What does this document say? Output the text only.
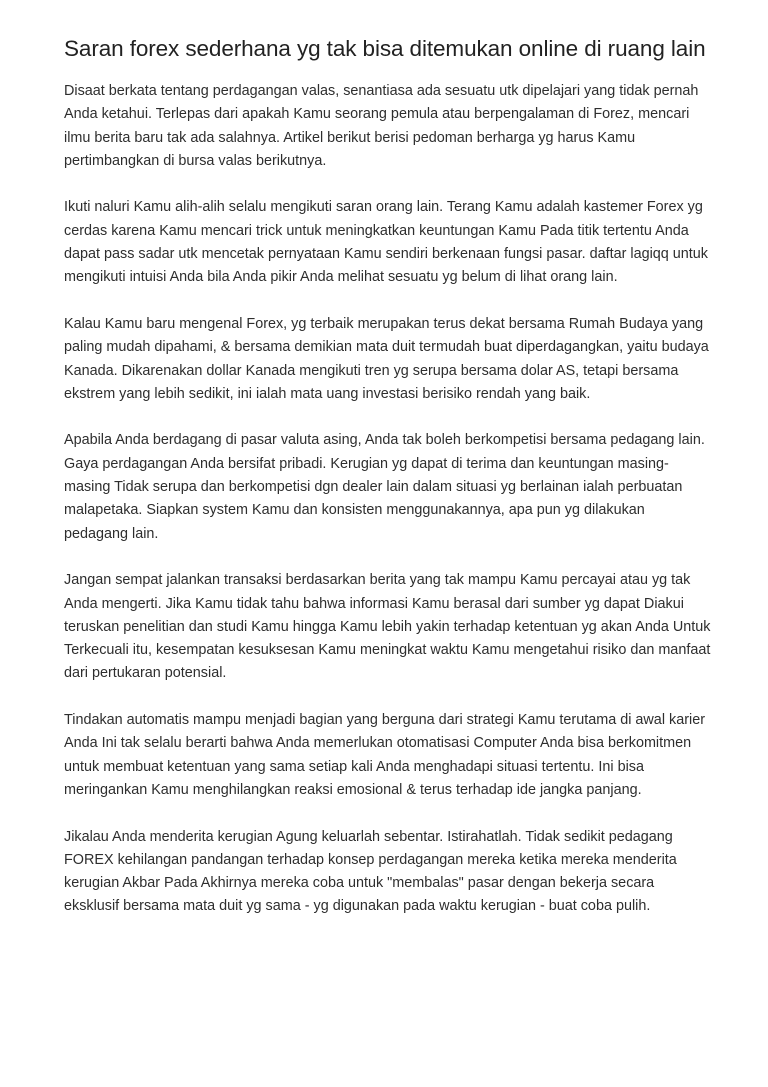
Saran forex sederhana yg tak bisa ditemukan online di ruang lain

Disaat berkata tentang perdagangan valas, senantiasa ada sesuatu utk dipelajari yang tidak pernah Anda ketahui. Terlepas dari apakah Kamu seorang pemula atau berpengalaman di Forez, mencari ilmu berita baru tak ada salahnya. Artikel berikut berisi pedoman berharga yg harus Kamu pertimbangkan di bursa valas berikutnya.

Ikuti naluri Kamu alih-alih selalu mengikuti saran orang lain. Terang Kamu adalah kastemer Forex yg cerdas karena Kamu mencari trick untuk meningkatkan keuntungan Kamu Pada titik tertentu Anda dapat pass sadar utk mencetak pernyataan Kamu sendiri berkenaan fungsi pasar. daftar lagiqq untuk mengikuti intuisi Anda bila Anda pikir Anda melihat sesuatu yg belum di lihat orang lain.

Kalau Kamu baru mengenal Forex, yg terbaik merupakan terus dekat bersama Rumah Budaya yang paling mudah dipahami, & bersama demikian mata duit termudah buat diperdagangkan, yaitu budaya Kanada. Dikarenakan dollar Kanada mengikuti tren yg serupa bersama dolar AS, tetapi bersama ekstrem yang lebih sedikit, ini ialah mata uang investasi berisiko rendah yang baik.

Apabila Anda berdagang di pasar valuta asing, Anda tak boleh berkompetisi bersama pedagang lain. Gaya perdagangan Anda bersifat pribadi. Kerugian yg dapat di terima dan keuntungan masing-masing Tidak serupa dan berkompetisi dgn dealer lain dalam situasi yg berlainan ialah perbuatan malapetaka. Siapkan system Kamu dan konsisten menggunakannya, apa pun yg dilakukan pedagang lain.

Jangan sempat jalankan transaksi berdasarkan berita yang tak mampu Kamu percayai atau yg tak Anda mengerti. Jika Kamu tidak tahu bahwa informasi Kamu berasal dari sumber yg dapat Diakui teruskan penelitian dan studi Kamu hingga Kamu lebih yakin terhadap ketentuan yg akan Anda Untuk Terkecuali itu, kesempatan kesuksesan Kamu meningkat waktu Kamu mengetahui risiko dan manfaat dari pertukaran potensial.

Tindakan automatis mampu menjadi bagian yang berguna dari strategi Kamu terutama di awal karier Anda Ini tak selalu berarti bahwa Anda memerlukan otomatisasi Computer Anda bisa berkomitmen untuk membuat ketentuan yang sama setiap kali Anda menghadapi situasi tertentu. Ini bisa meringankan Kamu menghilangkan reaksi emosional & terus terhadap ide jangka panjang.

Jikalau Anda menderita kerugian Agung keluarlah sebentar. Istirahatlah. Tidak sedikit pedagang FOREX kehilangan pandangan terhadap konsep perdagangan mereka ketika mereka menderita kerugian Akbar Pada Akhirnya mereka coba untuk "membalas" pasar dengan bekerja secara eksklusif bersama mata duit yg sama - yg digunakan pada waktu kerugian - buat coba pulih.
